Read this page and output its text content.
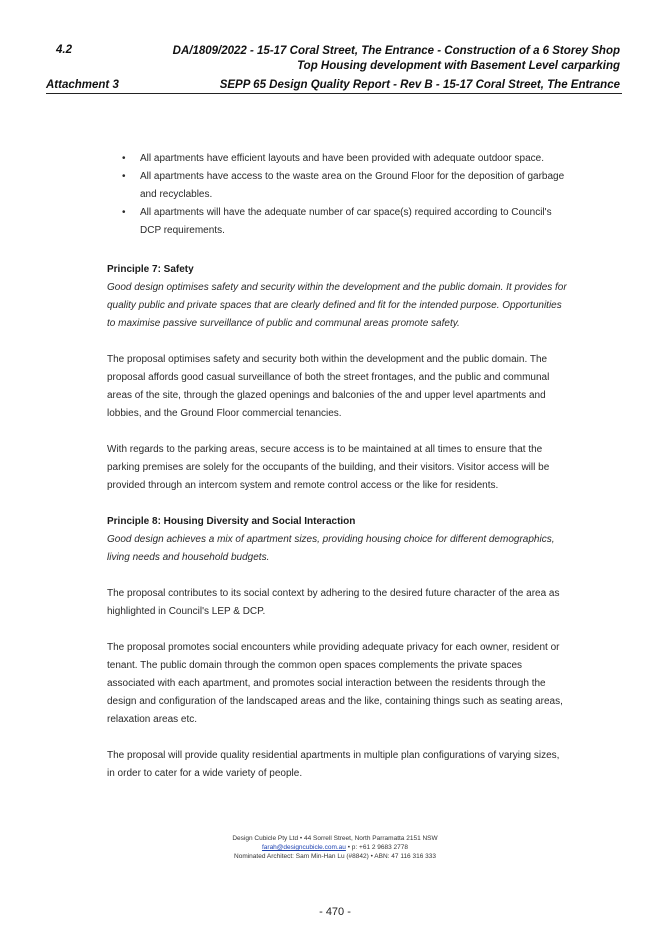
4.2	DA/1809/2022 - 15-17 Coral Street, The Entrance - Construction of a 6 Storey Shop
Top Housing development with Basement Level carparking
Attachment 3	SEPP 65 Design Quality Report - Rev B - 15-17 Coral Street, The Entrance
• All apartments have efficient layouts and have been provided with adequate outdoor space.
• All apartments have access to the waste area on the Ground Floor for the deposition of garbage and recyclables.
• All apartments will have the adequate number of car space(s) required according to Council's DCP requirements.
Principle 7: Safety
Good design optimises safety and security within the development and the public domain. It provides for quality public and private spaces that are clearly defined and fit for the intended purpose. Opportunities to maximise passive surveillance of public and communal areas promote safety.
The proposal optimises safety and security both within the development and the public domain. The proposal affords good casual surveillance of both the street frontages, and the public and communal areas of the site, through the glazed openings and balconies of the and upper level apartments and lobbies, and the Ground Floor commercial tenancies.
With regards to the parking areas, secure access is to be maintained at all times to ensure that the parking premises are solely for the occupants of the building, and their visitors. Visitor access will be provided through an intercom system and remote control access or the like for residents.
Principle 8: Housing Diversity and Social Interaction
Good design achieves a mix of apartment sizes, providing housing choice for different demographics, living needs and household budgets.
The proposal contributes to its social context by adhering to the desired future character of the area as highlighted in Council's LEP & DCP.
The proposal promotes social encounters while providing adequate privacy for each owner, resident or tenant. The public domain through the common open spaces complements the private spaces associated with each apartment, and promotes social interaction between the residents through the design and configuration of the landscaped areas and the like, containing things such as seating areas, relaxation areas etc.
The proposal will provide quality residential apartments in multiple plan configurations of varying sizes, in order to cater for a wide variety of people.
Design Cubicle Pty Ltd • 44 Sorrell Street, North Parramatta 2151 NSW
farah@designcubicle.com.au • p: +61 2 9683 2778
Nominated Architect: Sam Min-Han Lu (#8842) • ABN: 47 116 316 333
- 470 -
